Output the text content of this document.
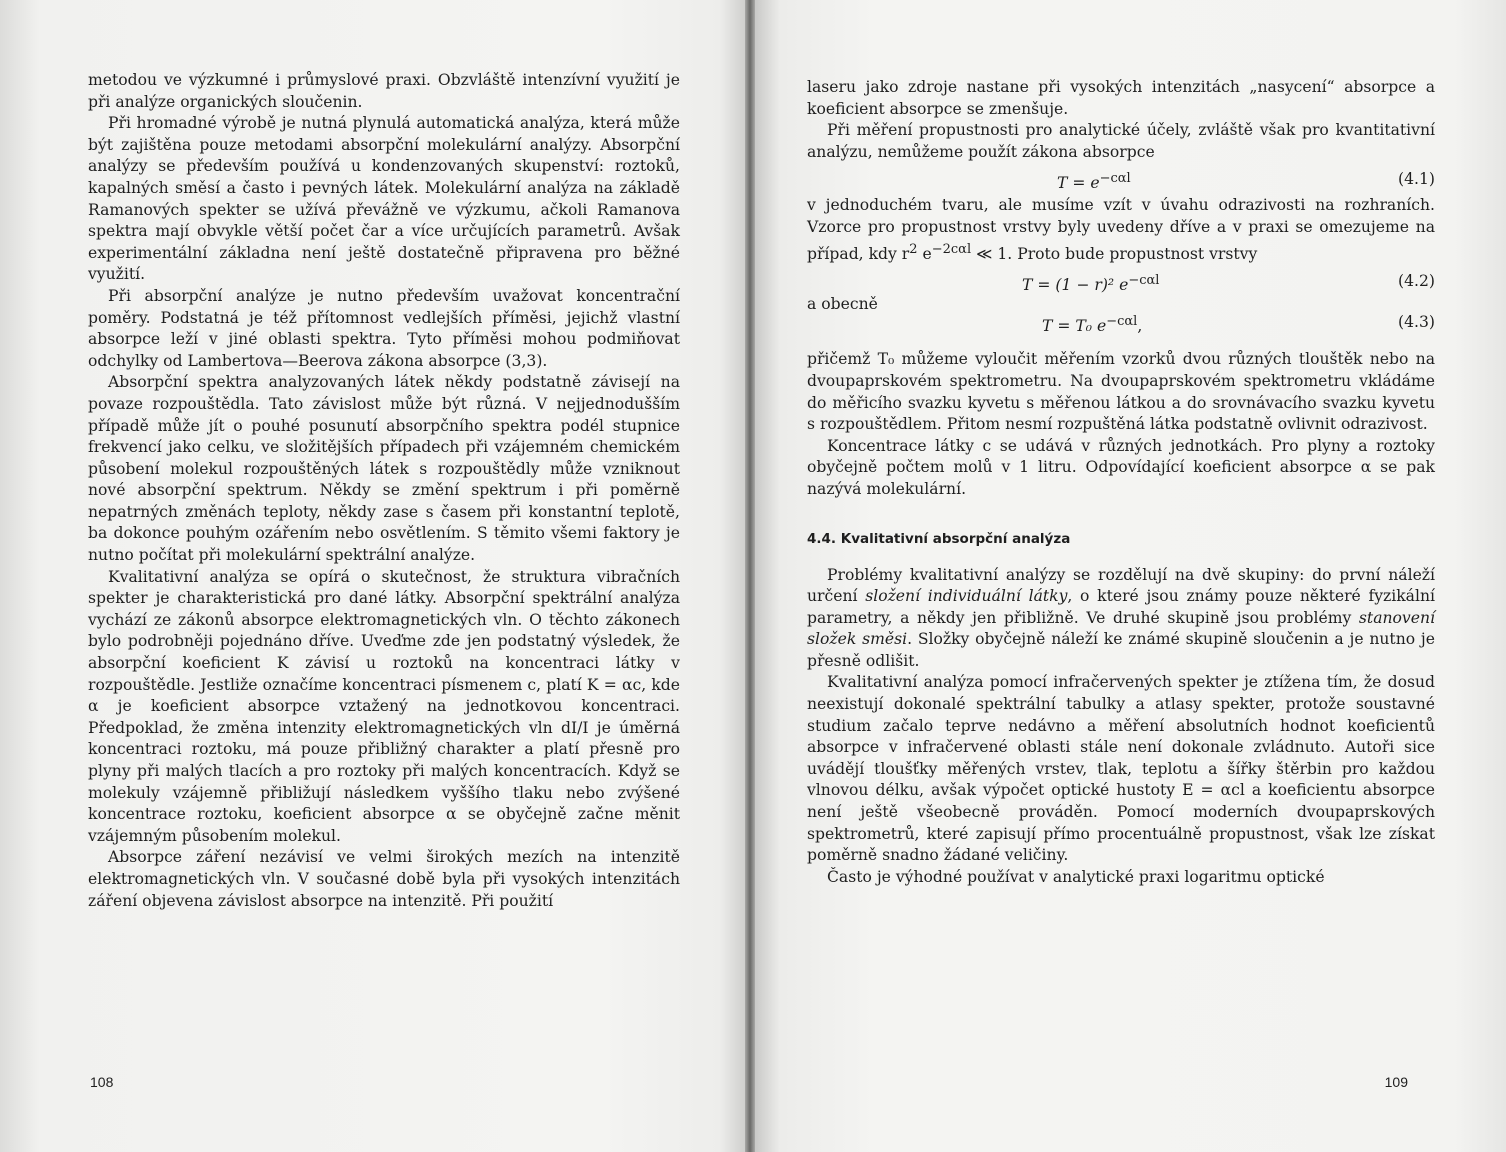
metodou ve výzkumné i průmyslové praxi. Obzvláště intenzívní využití je při analýze organických sloučenin.

Při hromadné výrobě je nutná plynulá automatická analýza, která může být zajištěna pouze metodami absorpční molekulární analýzy. Absorpční analýzy se především používá u kondenzovaných skupenství: roztoků, kapalných směsí a často i pevných látek. Molekulární analýza na základě Ramanových spekter se užívá převážně ve výzkumu, ačkoli Ramanova spektra mají obvykle větší počet čar a více určujících parametrů. Avšak experimentální základna není ještě dostatečně připravena pro běžné využití.

Při absorpční analýze je nutno především uvažovat koncentrační poměry. Podstatná je též přítomnost vedlejších příměsi, jejichž vlastní absorpce leží v jiné oblasti spektra. Tyto příměsi mohou podmiňovat odchylky od Lambertova—Beerova zákona absorpce (3,3).

Absorpční spektra analyzovaných látek někdy podstatně závisejí na povaze rozpouštědla. Tato závislost může být různá. V nejjednodušším případě může jít o pouhé posunutí absorpčního spektra podél stupnice frekvencí jako celku, ve složitějších případech při vzájemném chemickém působení molekul rozpouštěných látek s rozpouštědly může vzniknout nové absorpční spektrum. Někdy se změní spektrum i při poměrně nepatrných změnách teploty, někdy zase s časem při konstantní teplotě, ba dokonce pouhým ozářením nebo osvětlením. S těmito všemi faktory je nutno počítat při molekulární spektrální analýze.

Kvalitativní analýza se opírá o skutečnost, že struktura vibračních spekter je charakteristická pro dané látky. Absorpční spektrální analýza vychází ze zákonů absorpce elektromagnetických vln. O těchto zákonech bylo podrobněji pojednáno dříve. Uveďme zde jen podstatný výsledek, že absorpční koeficient K závisí u roztoků na koncentraci látky v rozpouštědle. Jestliže označíme koncentraci písmenem c, platí K = αc, kde α je koeficient absorpce vztažený na jednotkovou koncentraci. Předpoklad, že změna intenzity elektromagnetických vln dI/I je úměrná koncentraci roztoku, má pouze přibližný charakter a platí přesně pro plyny při malých tlacích a pro roztoky při malých koncentracích. Když se molekuly vzájemně přibližují následkem vyššího tlaku nebo zvýšené koncentrace roztoku, koeficient absorpce α se obyčejně začne měnit vzájemným působením molekul.

Absorpce záření nezávisí ve velmi širokých mezích na intenzitě elektromagnetických vln. V současné době byla při vysokých intenzitách záření objevena závislost absorpce na intenzitě. Při použití

108

laseru jako zdroje nastane při vysokých intenzitách „nasycení“ absorpce a koeficient absorpce se zmenšuje.

Při měření propustnosti pro analytické účely, zvláště však pro kvantitativní analýzu, nemůžeme použít zákona absorpce

$T = e^{-c\alpha l}$	(4.1)

v jednoduchém tvaru, ale musíme vzít v úvahu odrazivosti na rozhraních. Vzorce pro propustnost vrstvy byly uvedeny dříve a v praxi se omezujeme na případ, kdy $r^2$ $e^{-2c\alpha l}$ ≪ 1. Proto bude propustnost vrstvy

T = (1 − r)² $e^{-c\alpha l}$	(4.2)
a obecně
T = T₀ $e^{-c\alpha l}$,	(4.3)

přičemž T₀ můžeme vyloučit měřením vzorků dvou různých tlouštěk nebo na dvoupaprskovém spektrometru. Na dvoupaprskovém spektrometru vkládáme do měřicího svazku kyvetu s měřenou látkou a do srovnávacího svazku kyvetu s rozpouštědlem. Přitom nesmí rozpuštěná látka podstatně ovlivnit odrazivost.

Koncentrace látky c se udává v různých jednotkách. Pro plyny a roztoky obyčejně počtem molů v 1 litru. Odpovídající koeficient absorpce α se pak nazývá molekulární.

4.4. Kvalitativní absorpční analýza

Problémy kvalitativní analýzy se rozdělují na dvě skupiny: do první náleží určení složení individuální látky, o které jsou známy pouze některé fyzikální parametry, a někdy jen přibližně. Ve druhé skupině jsou problémy stanovení složek směsi. Složky obyčejně náleží ke známé skupině sloučenin a je nutno je přesně odlišit.

Kvalitativní analýza pomocí infračervených spekter je ztížena tím, že dosud neexistují dokonalé spektrální tabulky a atlasy spekter, protože soustavné studium začalo teprve nedávno a měření absolutních hodnot koeficientů absorpce v infračervené oblasti stále není dokonale zvládnuto. Autoři sice uvádějí tloušťky měřených vrstev, tlak, teplotu a šířky štěrbin pro každou vlnovou délku, avšak výpočet optické hustoty E = αcl a koeficientu absorpce není ještě všeobecně prováděn. Pomocí moderních dvoupaprskových spektrometrů, které zapisují přímo procentuálně propustnost, však lze získat poměrně snadno žádané veličiny.

Často je výhodné používat v analytické praxi logaritmu optické

109
